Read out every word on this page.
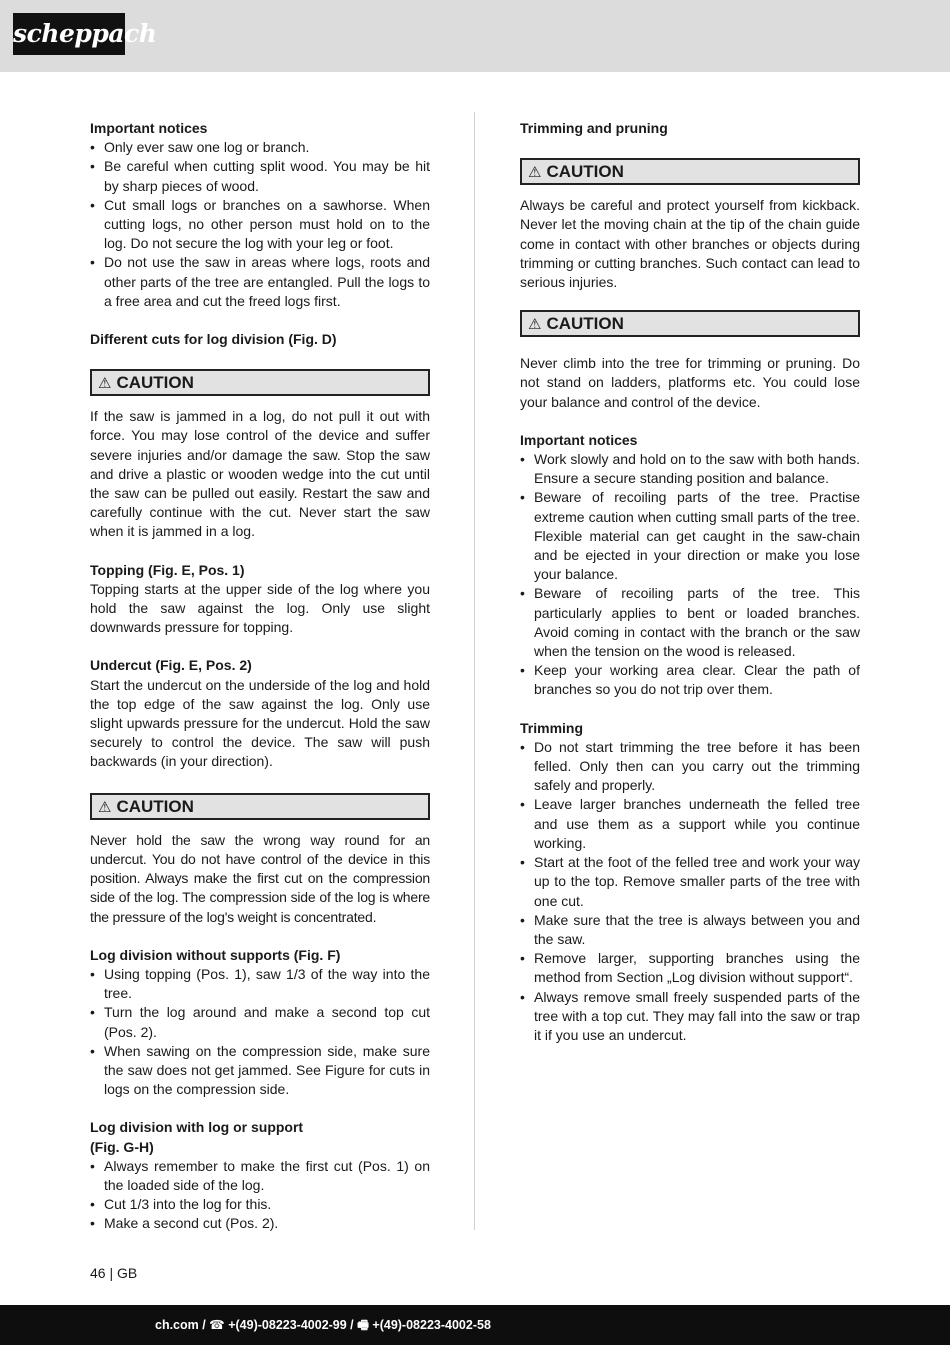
scheppach
Important notices
• Only ever saw one log or branch.
• Be careful when cutting split wood. You may be hit by sharp pieces of wood.
• Cut small logs or branches on a sawhorse. When cutting logs, no other person must hold on to the log. Do not secure the log with your leg or foot.
• Do not use the saw in areas where logs, roots and other parts of the tree are entangled. Pull the logs to a free area and cut the freed logs first.
Different cuts for log division (Fig. D)
⚠ CAUTION

If the saw is jammed in a log, do not pull it out with force. You may lose control of the device and suffer severe injuries and/or damage the saw. Stop the saw and drive a plastic or wooden wedge into the cut until the saw can be pulled out easily. Restart the saw and carefully continue with the cut. Never start the saw when it is jammed in a log.

Topping (Fig. E, Pos. 1)

Topping starts at the upper side of the log where you hold the saw against the log. Only use slight downwards pressure for topping.

Undercut (Fig. E, Pos. 2)

Start the undercut on the underside of the log and hold the top edge of the saw against the log. Only use slight upwards pressure for the undercut. Hold the saw securely to control the device. The saw will push backwards (in your direction).

⚠ CAUTION

Never hold the saw the wrong way round for an undercut. You do not have control of the device in this position. Always make the first cut on the compression side of the log. The compression side of the log is where the pressure of the log's weight is concentrated.

Log division without supports (Fig. F)
• Using topping (Pos. 1), saw 1/3 of the way into the tree.
• Turn the log around and make a second top cut (Pos. 2).
• When sawing on the compression side, make sure the saw does not get jammed. See Figure for cuts in logs on the compression side.
Log division with log or support
(Fig. G-H)
• Always remember to make the first cut (Pos. 1) on the loaded side of the log.
• Cut 1/3 into the log for this.
• Make a second cut (Pos. 2).
Trimming and pruning
⚠ CAUTION

Always be careful and protect yourself from kickback. Never let the moving chain at the tip of the chain guide come in contact with other branches or objects during trimming or cutting branches. Such contact can lead to serious injuries.

⚠ CAUTION

Never climb into the tree for trimming or pruning. Do not stand on ladders, platforms etc. You could lose your balance and control of the device.

Important notices
• Work slowly and hold on to the saw with both hands. Ensure a secure standing position and balance.
• Beware of recoiling parts of the tree. Practise extreme caution when cutting small parts of the tree. Flexible material can get caught in the saw-chain and be ejected in your direction or make you lose your balance.
• Beware of recoiling parts of the tree. This particularly applies to bent or loaded branches. Avoid coming in contact with the branch or the saw when the tension on the wood is released.
• Keep your working area clear. Clear the path of branches so you do not trip over them.
Trimming
• Do not start trimming the tree before it has been felled. Only then can you carry out the trimming safely and properly.
• Leave larger branches underneath the felled tree and use them as a support while you continue working.
• Start at the foot of the felled tree and work your way up to the top. Remove smaller parts of the tree with one cut.
• Make sure that the tree is always between you and the saw.
• Remove larger, supporting branches using the method from Section „Log division without support“.
• Always remove small freely suspended parts of the tree with a top cut. They may fall into the saw or trap it if you use an undercut.
46 | GB
ch.com / ☎ +(49)-08223-4002-99 / 🖷 +(49)-08223-4002-58
